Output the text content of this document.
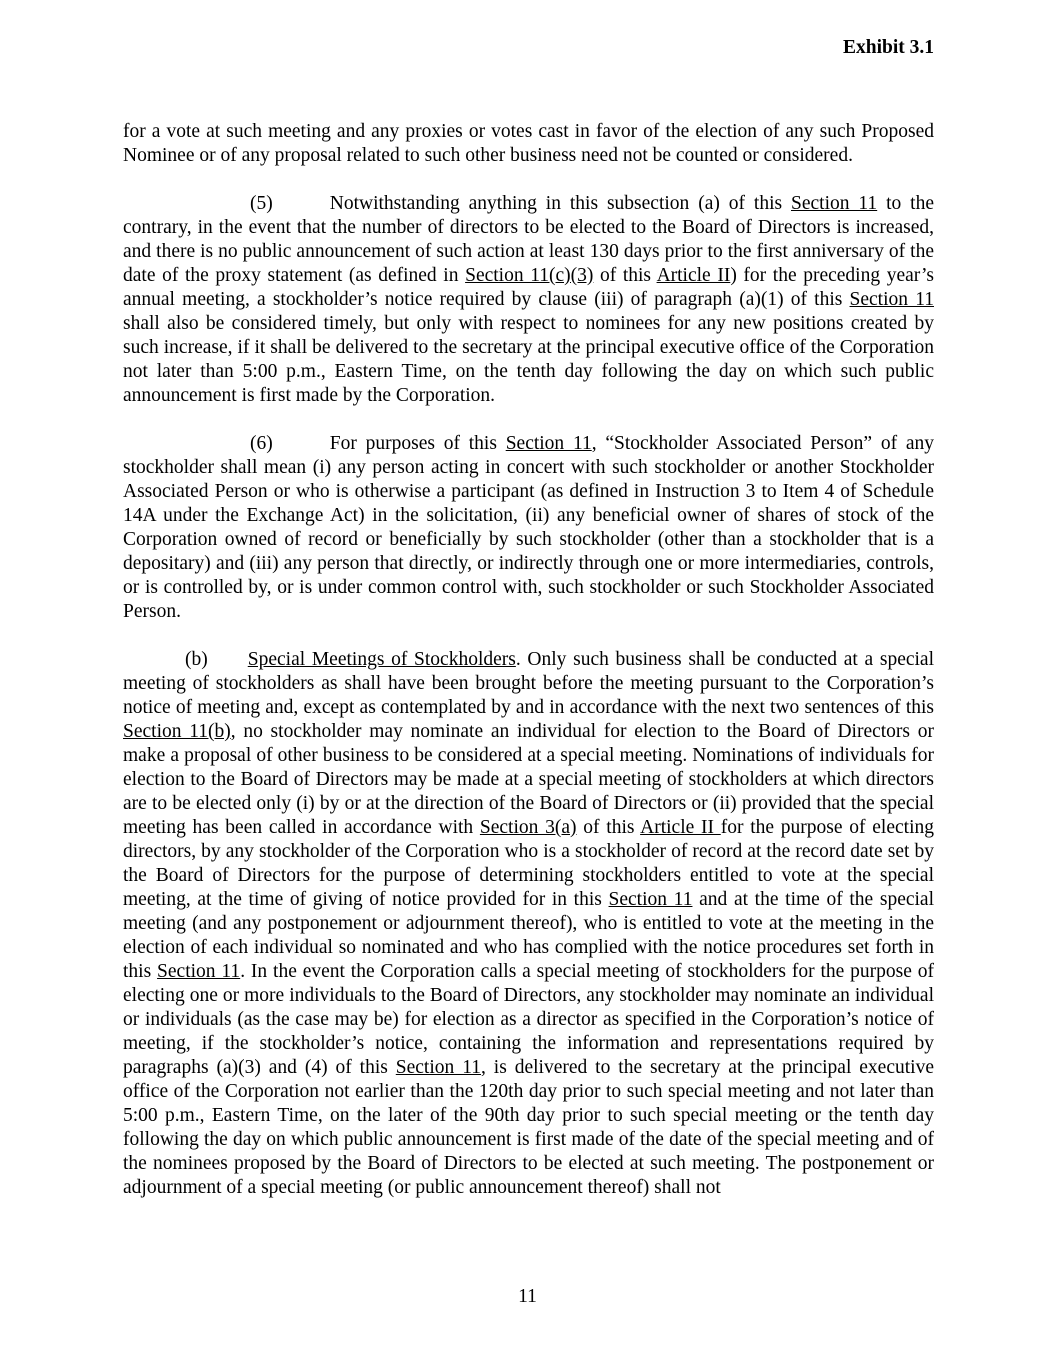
Exhibit 3.1
for a vote at such meeting and any proxies or votes cast in favor of the election of any such Proposed Nominee or of any proposal related to such other business need not be counted or considered.
(5)	Notwithstanding anything in this subsection (a) of this Section 11 to the contrary, in the event that the number of directors to be elected to the Board of Directors is increased, and there is no public announcement of such action at least 130 days prior to the first anniversary of the date of the proxy statement (as defined in Section 11(c)(3) of this Article II) for the preceding year’s annual meeting, a stockholder’s notice required by clause (iii) of paragraph (a)(1) of this Section 11 shall also be considered timely, but only with respect to nominees for any new positions created by such increase, if it shall be delivered to the secretary at the principal executive office of the Corporation not later than 5:00 p.m., Eastern Time, on the tenth day following the day on which such public announcement is first made by the Corporation.
(6)	For purposes of this Section 11, “Stockholder Associated Person” of any stockholder shall mean (i) any person acting in concert with such stockholder or another Stockholder Associated Person or who is otherwise a participant (as defined in Instruction 3 to Item 4 of Schedule 14A under the Exchange Act) in the solicitation, (ii) any beneficial owner of shares of stock of the Corporation owned of record or beneficially by such stockholder (other than a stockholder that is a depositary) and (iii) any person that directly, or indirectly through one or more intermediaries, controls, or is controlled by, or is under common control with, such stockholder or such Stockholder Associated Person.
(b) Special Meetings of Stockholders. Only such business shall be conducted at a special meeting of stockholders as shall have been brought before the meeting pursuant to the Corporation’s notice of meeting and, except as contemplated by and in accordance with the next two sentences of this Section 11(b), no stockholder may nominate an individual for election to the Board of Directors or make a proposal of other business to be considered at a special meeting. Nominations of individuals for election to the Board of Directors may be made at a special meeting of stockholders at which directors are to be elected only (i) by or at the direction of the Board of Directors or (ii) provided that the special meeting has been called in accordance with Section 3(a) of this Article II for the purpose of electing directors, by any stockholder of the Corporation who is a stockholder of record at the record date set by the Board of Directors for the purpose of determining stockholders entitled to vote at the special meeting, at the time of giving of notice provided for in this Section 11 and at the time of the special meeting (and any postponement or adjournment thereof), who is entitled to vote at the meeting in the election of each individual so nominated and who has complied with the notice procedures set forth in this Section 11. In the event the Corporation calls a special meeting of stockholders for the purpose of electing one or more individuals to the Board of Directors, any stockholder may nominate an individual or individuals (as the case may be) for election as a director as specified in the Corporation’s notice of meeting, if the stockholder’s notice, containing the information and representations required by paragraphs (a)(3) and (4) of this Section 11, is delivered to the secretary at the principal executive office of the Corporation not earlier than the 120th day prior to such special meeting and not later than 5:00 p.m., Eastern Time, on the later of the 90th day prior to such special meeting or the tenth day following the day on which public announcement is first made of the date of the special meeting and of the nominees proposed by the Board of Directors to be elected at such meeting. The postponement or adjournment of a special meeting (or public announcement thereof) shall not
11
